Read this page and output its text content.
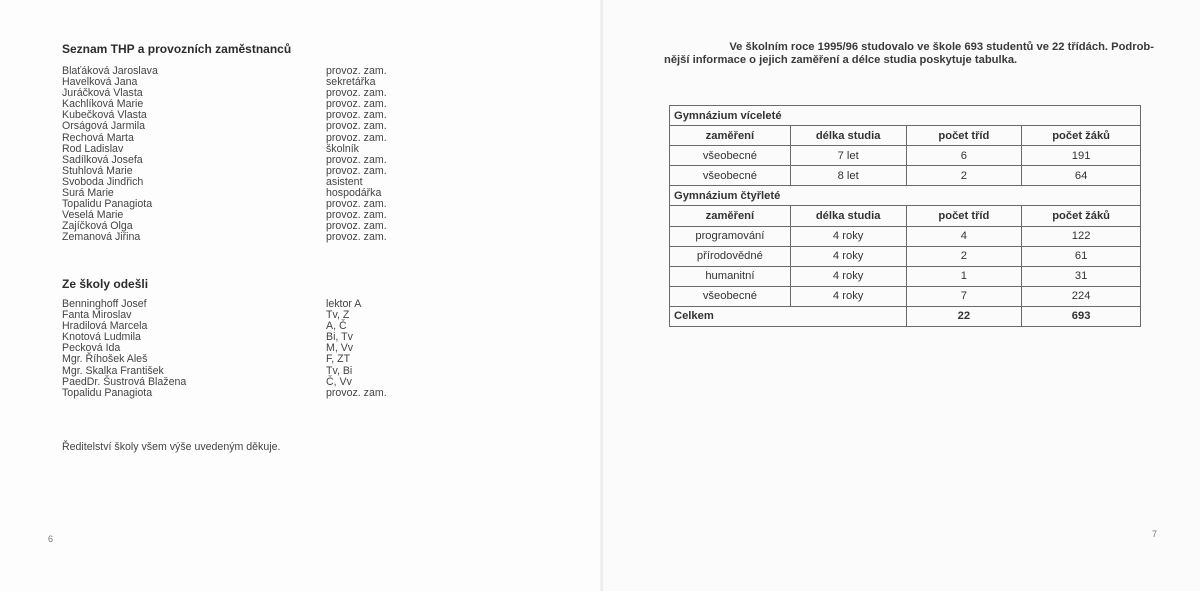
Seznam THP a provozních zaměstnanců
Blaťáková Jaroslava	provoz. zam.
Havelková Jana	sekretářka
Juráčková Vlasta	provoz. zam.
Kachlíková Marie	provoz. zam.
Kubečková Vlasta	provoz. zam.
Orságová Jarmila	provoz. zam.
Rechová Marta	provoz. zam.
Rod Ladislav	školník
Sadílková Josefa	provoz. zam.
Stuhlová Marie	provoz. zam.
Svoboda Jindřich	asistent
Surá Marie	hospodářka
Topalidu Panagiota	provoz. zam.
Veselá Marie	provoz. zam.
Zajíčková Olga	provoz. zam.
Zemanová Jiřina	provoz. zam.
Ze školy odešli
Benninghoff Josef	lektor A
Fanta Miroslav	Tv, Z
Hradilová Marcela	A, Č
Knotová Ludmila	Bi, Tv
Pecková Ida	M, Vv
Mgr. Říhošek Aleš	F, ZT
Mgr. Skalka František	Tv, Bi
PaedDr. Šustrová Blažena	Č, Vv
Topalidu Panagiota	provoz. zam.
Ředitelství školy všem výše uvedeným děkuje.
6
Ve školním roce 1995/96 studovalo ve škole 693 studentů ve 22 třídách. Podrob-
nější informace o jejich zaměření a délce studia poskytuje tabulka.
Gymnázium víceleté			
zaměření	délka studia	počet tříd	počet žáků
všeobecné	7 let	6	191
všeobecné	8 let	2	64
Gymnázium čtyřleté			
zaměření	délka studia	počet tříd	počet žáků
programování	4 roky	4	122
přírodovědné	4 roky	2	61
humanitní	4 roky	1	31
všeobecné	4 roky	7	224
Celkem		22	693
7
